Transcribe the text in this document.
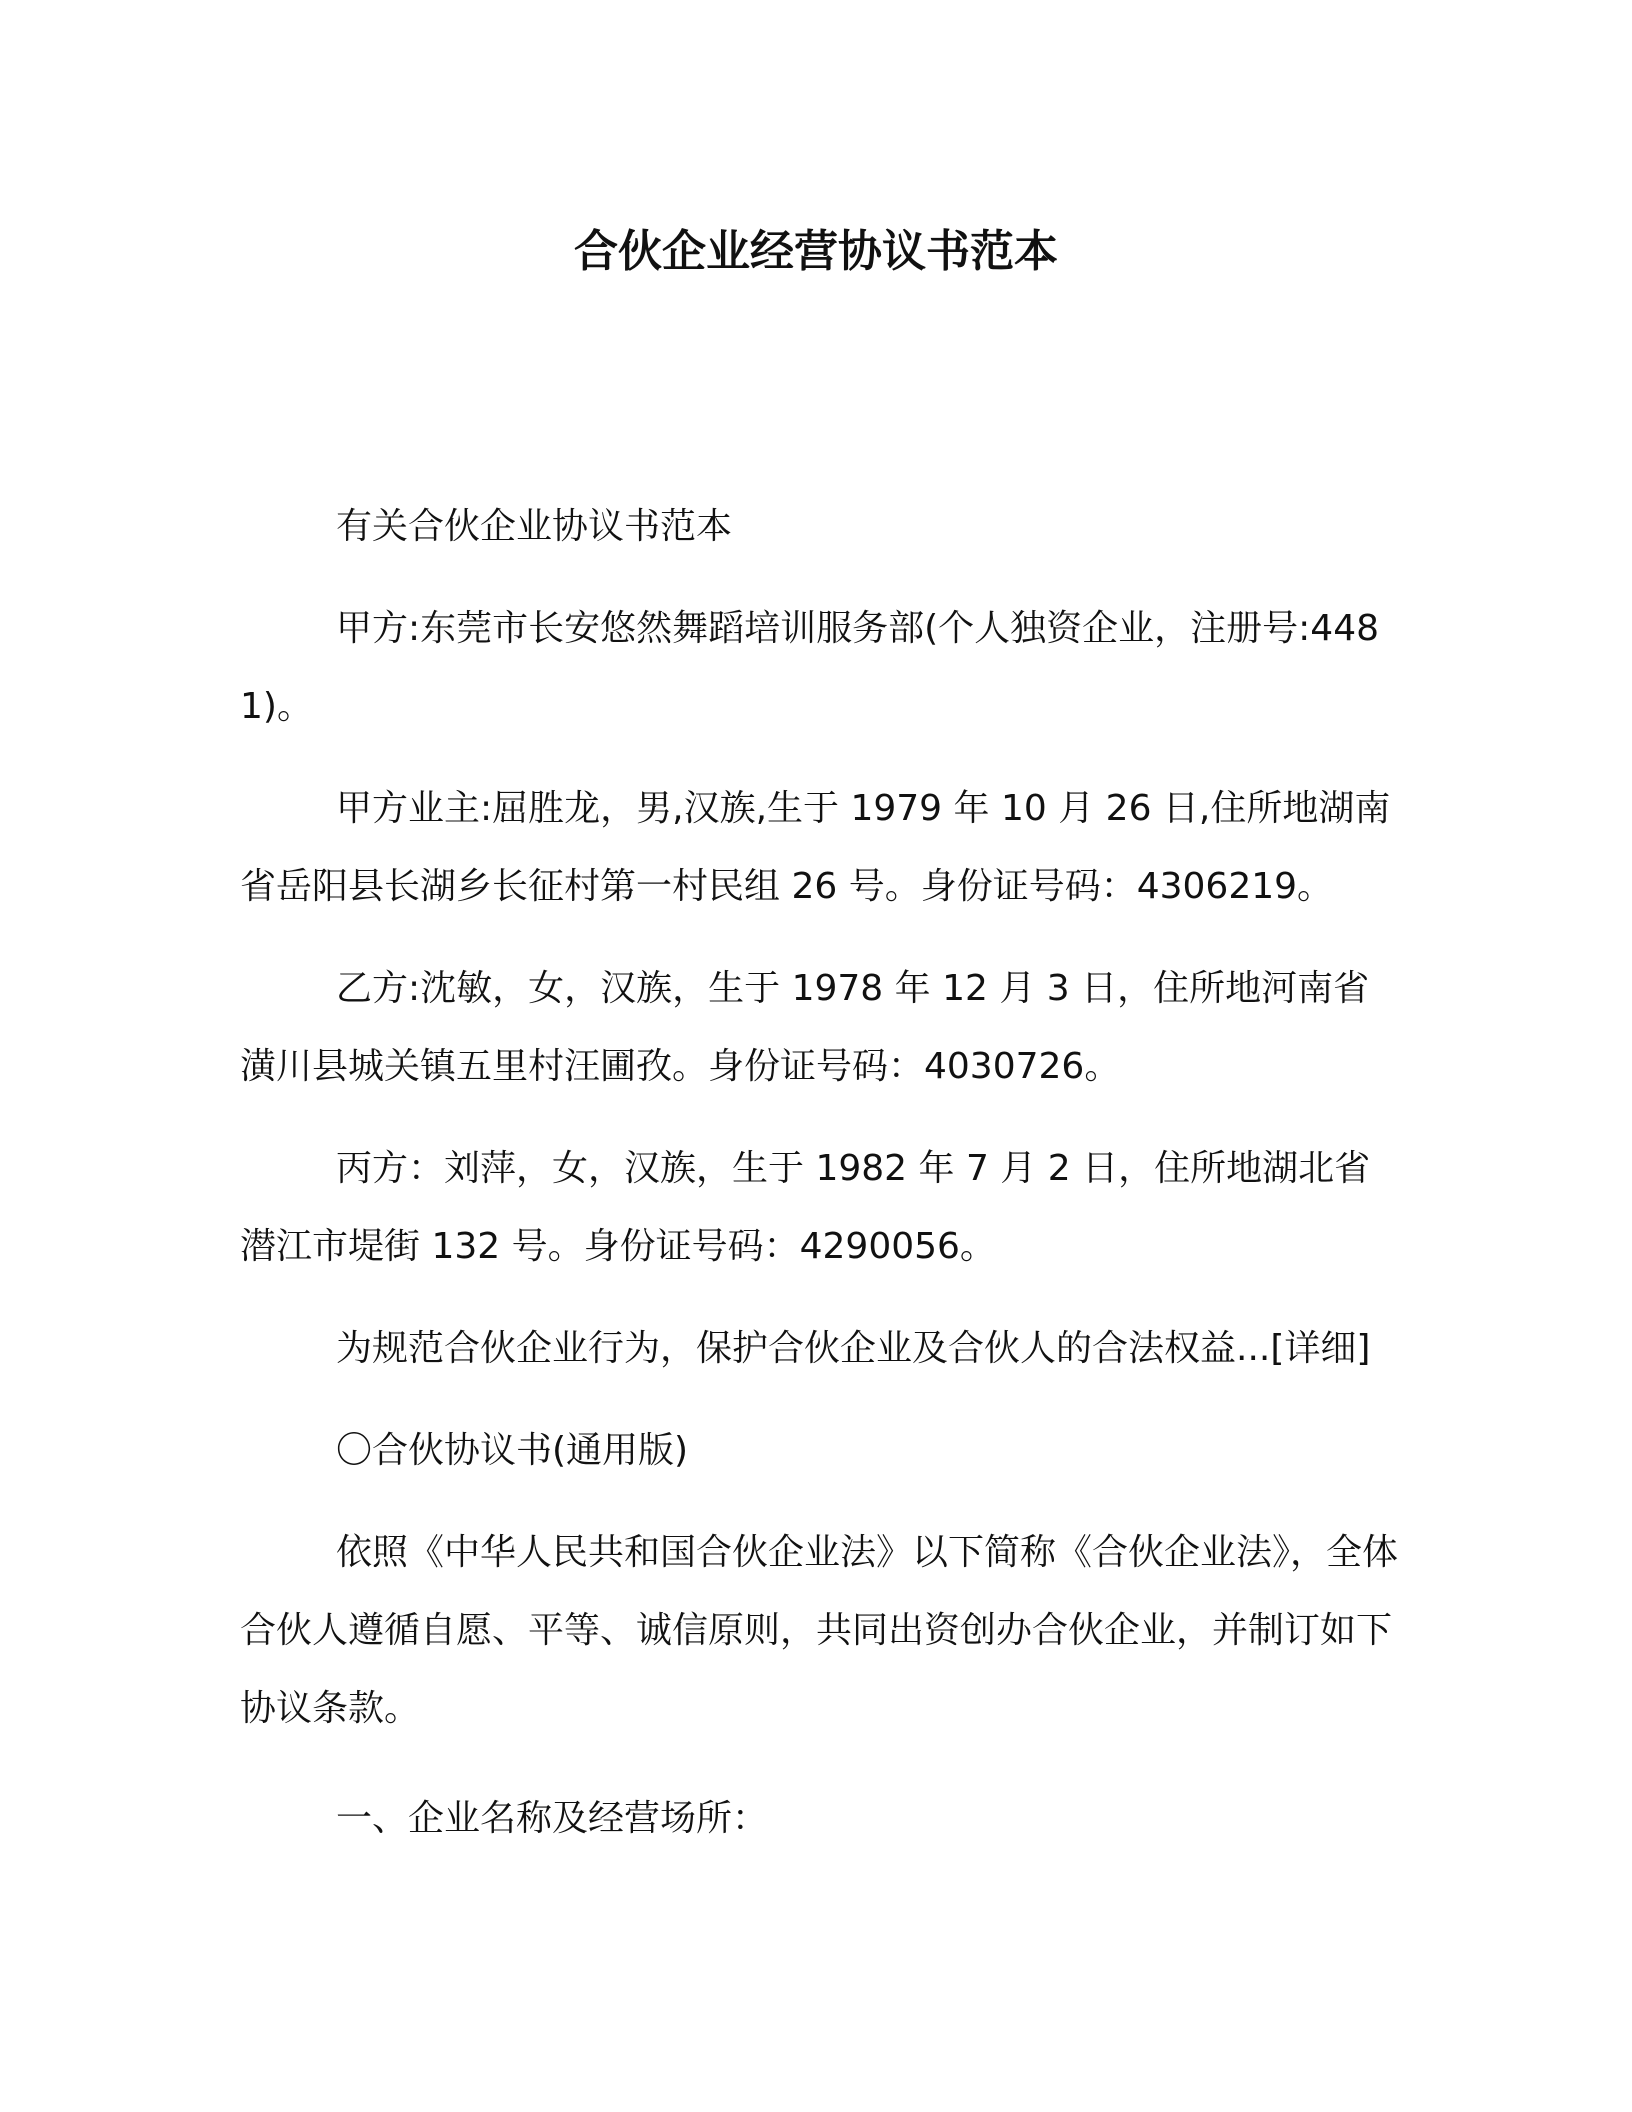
合伙企业经营协议书范本

有关合伙企业协议书范本

甲方:东莞市长安悠然舞蹈培训服务部(个人独资企业，注册号:4481)。

甲方业主:屈胜龙，男,汉族,生于 1979 年 10 月 26 日,住所地湖南省岳阳县长湖乡长征村第一村民组 26 号。身份证号码：4306219。

乙方:沈敏，女，汉族，生于 1978 年 12 月 3 日，住所地河南省潢川县城关镇五里村汪圃孜。身份证号码：4030726。

丙方：刘萍，女，汉族，生于 1982 年 7 月 2 日，住所地湖北省潜江市堤街 132 号。身份证号码：4290056。

为规范合伙企业行为，保护合伙企业及合伙人的合法权益...[详细]

〇合伙协议书(通用版)

依照《中华人民共和国合伙企业法》以下简称《合伙企业法》，全体合伙人遵循自愿、平等、诚信原则，共同出资创办合伙企业，并制订如下协议条款。

一、企业名称及经营场所：
